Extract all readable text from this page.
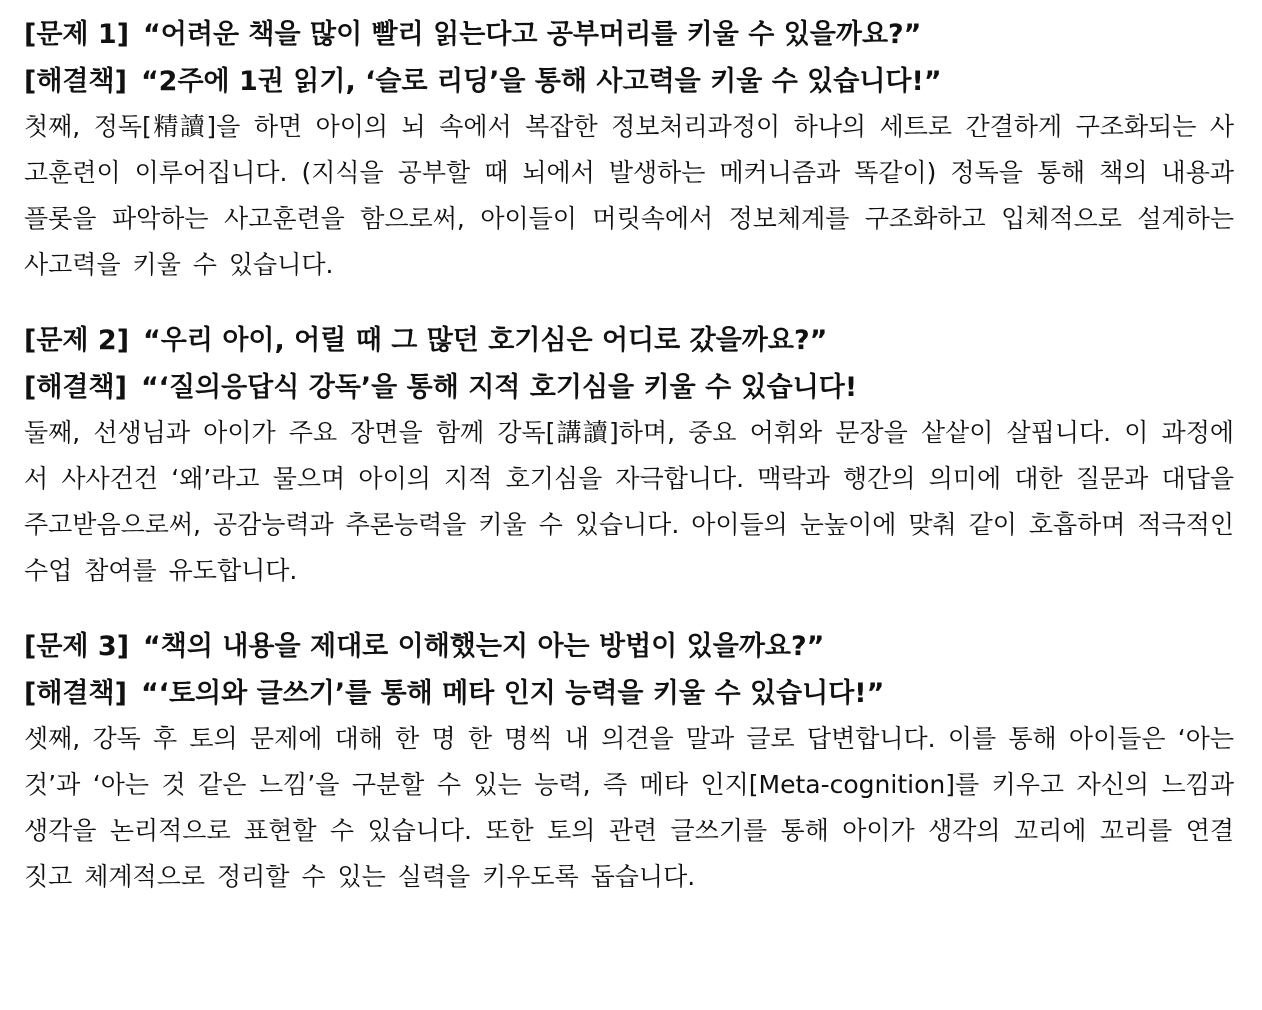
[문제 1] “어려운 책을 많이 빨리 읽는다고 공부머리를 키울 수 있을까요?”

[해결책] “2주에 1권 읽기, ‘슬로 리딩’을 통해 사고력을 키울 수 있습니다!”

첫째, 정독[精讀]을 하면 아이의 뇌 속에서 복잡한 정보처리과정이 하나의 세트로 간결하게 구조화되는 사고훈련이 이루어집니다. (지식을 공부할 때 뇌에서 발생하는 메커니즘과 똑같이) 정독을 통해 책의 내용과 플롯을 파악하는 사고훈련을 함으로써, 아이들이 머릿속에서 정보체계를 구조화하고 입체적으로 설계하는 사고력을 키울 수 있습니다.

[문제 2] “우리 아이, 어릴 때 그 많던 호기심은 어디로 갔을까요?”

[해결책] “‘질의응답식 강독’을 통해 지적 호기심을 키울 수 있습니다!

둘째, 선생님과 아이가 주요 장면을 함께 강독[講讀]하며, 중요 어휘와 문장을 샅샅이 살핍니다. 이 과정에서 사사건건 ‘왜’라고 물으며 아이의 지적 호기심을 자극합니다. 맥락과 행간의 의미에 대한 질문과 대답을 주고받음으로써, 공감능력과 추론능력을 키울 수 있습니다. 아이들의 눈높이에 맞춰 같이 호흡하며 적극적인 수업 참여를 유도합니다.

[문제 3] “책의 내용을 제대로 이해했는지 아는 방법이 있을까요?”

[해결책] “‘토의와 글쓰기’를 통해 메타 인지 능력을 키울 수 있습니다!”

셋째, 강독 후 토의 문제에 대해 한 명 한 명씩 내 의견을 말과 글로 답변합니다. 이를 통해 아이들은 ‘아는 것’과 ‘아는 것 같은 느낌’을 구분할 수 있는 능력, 즉 메타 인지[Meta-cognition]를 키우고 자신의 느낌과 생각을 논리적으로 표현할 수 있습니다. 또한 토의 관련 글쓰기를 통해 아이가 생각의 꼬리에 꼬리를 연결 짓고 체계적으로 정리할 수 있는 실력을 키우도록 돕습니다.
